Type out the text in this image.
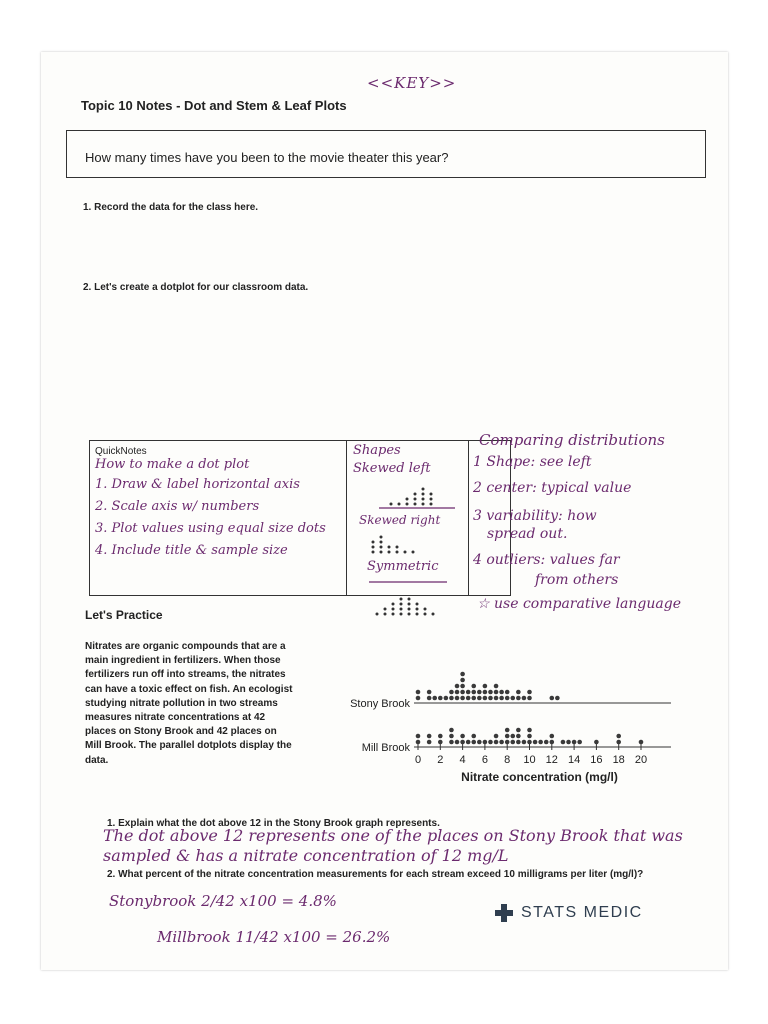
<<KEY>>
Topic 10 Notes - Dot and Stem & Leaf Plots
How many times have you been to the movie theater this year?
1. Record the data for the class here.
2. Let's create a dotplot for our classroom data.
QuickNotes
How to make a dot plot
1. Draw & label horizontal axis
2. Scale axis w/ numbers
3. Plot values using equal size dots
4. Include title & sample size
Shapes
Skewed left
Skewed right
Symmetric
Comparing distributions
1 Shape: see left
2 center: typical value
3 variability: how
spread out.
4 outliers: values far
from others
☆ use comparative language
Let's Practice
Nitrates are organic compounds that are a main ingredient in fertilizers. When those fertilizers run off into streams, the nitrates can have a toxic effect on fish. An ecologist studying nitrate pollution in two streams measures nitrate concentrations at 42 places on Stony Brook and 42 places on Mill Brook. The parallel dotplots display the data.
Stony Brook
Mill Brook
0 2 4 6 8 10 12 14 16 18 20
Nitrate concentration (mg/l)
1. Explain what the dot above 12 in the Stony Brook graph represents.
The dot above 12 represents one of the places on Stony Brook that was sampled & has a nitrate concentration of 12 mg/L
2. What percent of the nitrate concentration measurements for each stream exceed 10 milligrams per liter (mg/l)?
Stonybrook 2/42 x100 = 4.8%
Millbrook 11/42 x100 = 26.2%
STATS MEDIC
